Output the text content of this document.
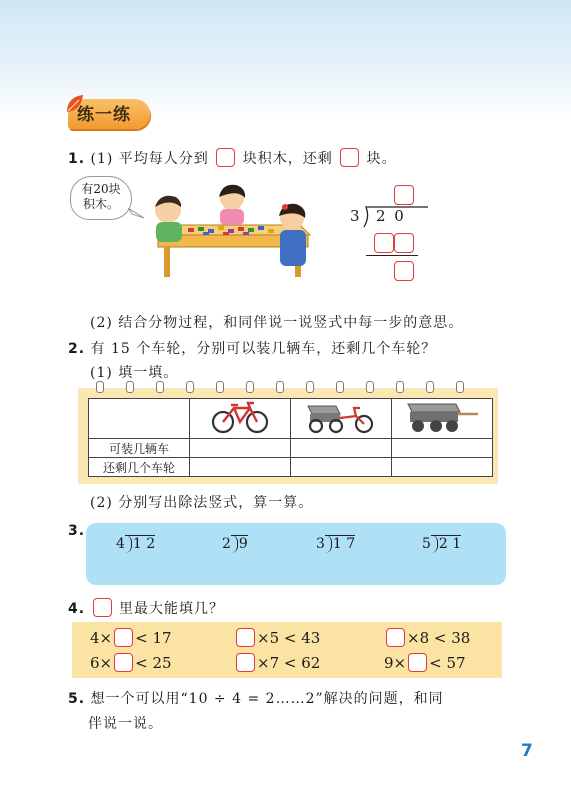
练一练
1. (1) 平均每人分到 块积木，还剩 块。
有20块积木。
3 2 0
(2) 结合分物过程，和同伴说一说竖式中每一步的意思。
2. 有 15 个车轮，分别可以装几辆车，还剩几个车轮？
(1) 填一填。

可装几辆车			
还剩几个车轮			
(2) 分别写出除法竖式，算一算。
3.
4 1 2	2 9	3 1 7	5 2 1
4. 里最大能填几？
4× < 17	×5 < 43	×8 < 38
6× < 25	×7 < 62	9× < 57
5. 想一个可以用“10 ÷ 4 = 2……2”解决的问题，和同
伴说一说。
7
